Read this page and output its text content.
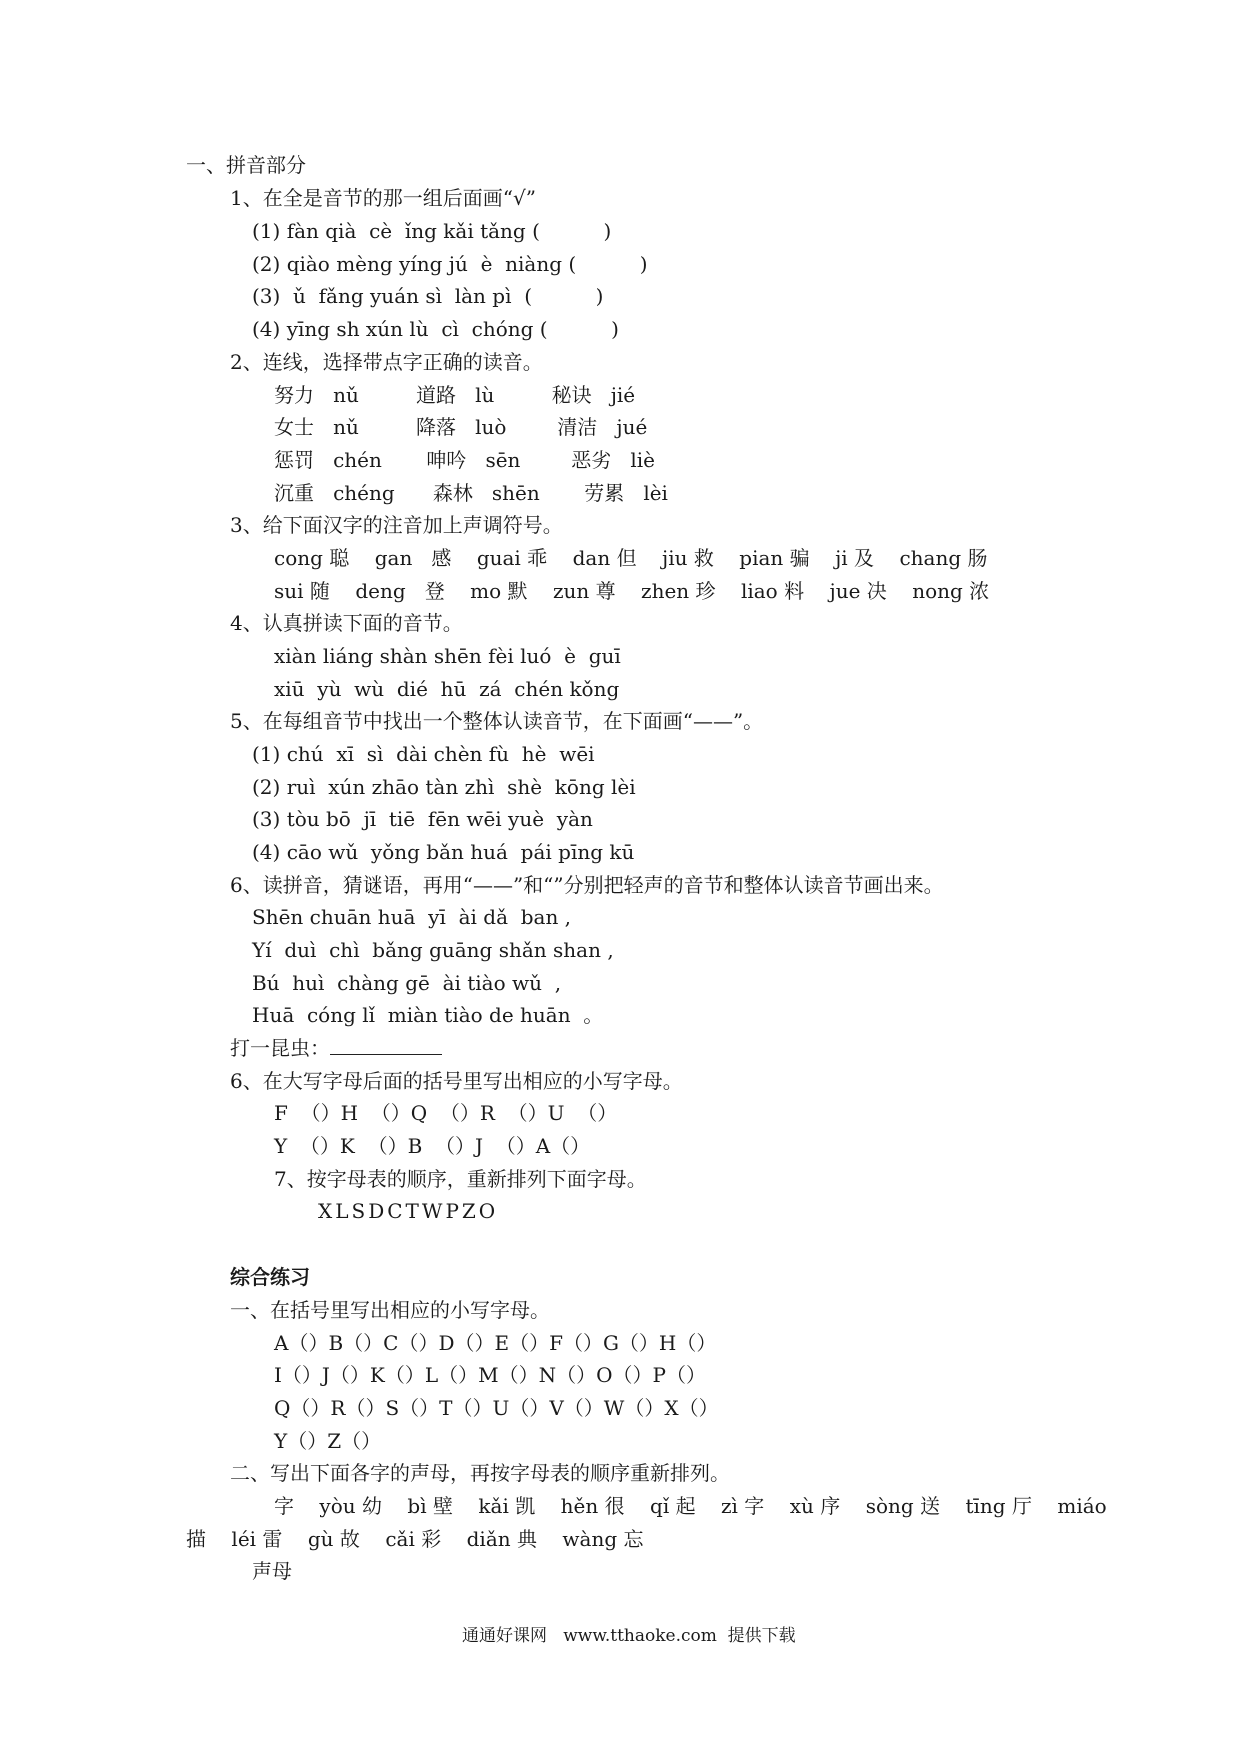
一、拼音部分
1、在全是音节的那一组后面画“√”
(1) fàn qià  cè  ǐng kǎi tǎng (          )
(2) qiào mèng yíng jú  è  niàng (          )
(3)  ǔ  fǎng yuán sì  làn pì  (          )
(4) yīng sh xún lù  cì  chóng (          )
2、连线，选择带点字正确的读音。
努力   nǔ         道路   lù         秘诀   jié
女士   nǔ         降落   luò        清洁   jué
惩罚   chén       呻吟   sēn        恶劣   liè
沉重   chéng      森林   shēn       劳累   lèi
3、给下面汉字的注音加上声调符号。
cong 聪    gan   感    guai 乖    dan 但    jiu 救    pian 骗    ji 及    chang 肠
sui 随    deng   登    mo 默    zun 尊    zhen 珍    liao 料    jue 决    nong 浓
4、认真拼读下面的音节。
xiàn liáng shàn shēn fèi luó  è  guī
xiū  yù  wù  dié  hū  zá  chén kǒng
5、在每组音节中找出一个整体认读音节，在下面画“——”。
(1) chú  xī  sì  dài chèn fù  hè  wēi
(2) ruì  xún zhāo tàn zhì  shè  kōng lèi
(3) tòu bō  jī  tiē  fēn wēi yuè  yàn
(4) cāo wǔ  yǒng bǎn huá  pái pīng kū
6、读拼音，猜谜语，再用“——”和“”分别把轻声的音节和整体认读音节画出来。
Shēn chuān huā  yī  ài dǎ  ban ,
Yí  duì  chì  bǎng guāng shǎn shan ,
Bú  huì  chàng gē  ài tiào wǔ  ,
Huā  cóng lǐ  miàn tiào de huān  。
打一昆虫：
6、在大写字母后面的括号里写出相应的小写字母。
F  （）H  （）Q  （）R  （）U  （）
Y  （）K  （）B  （）J  （）A（）
7、按字母表的顺序，重新排列下面字母。
XLSDCTWPZO
综合练习
一、在括号里写出相应的小写字母。
A（）B（）C（）D（）E（）F（）G（）H（）
I（）J（）K（）L（）M（）N（）O（）P（）
Q（）R（）S（）T（）U（）V（）W（）X（）
Y（）Z（）
二、写出下面各字的声母，再按字母表的顺序重新排列。
字    yòu 幼    bì 壁    kǎi 凯    hěn 很    qǐ 起    zì 字    xù 序    sòng 送    tīng 厅    miáo
描    léi 雷    gù 故    cǎi 彩    diǎn 典    wàng 忘
声母
通通好课网   www.tthaoke.com  提供下载
